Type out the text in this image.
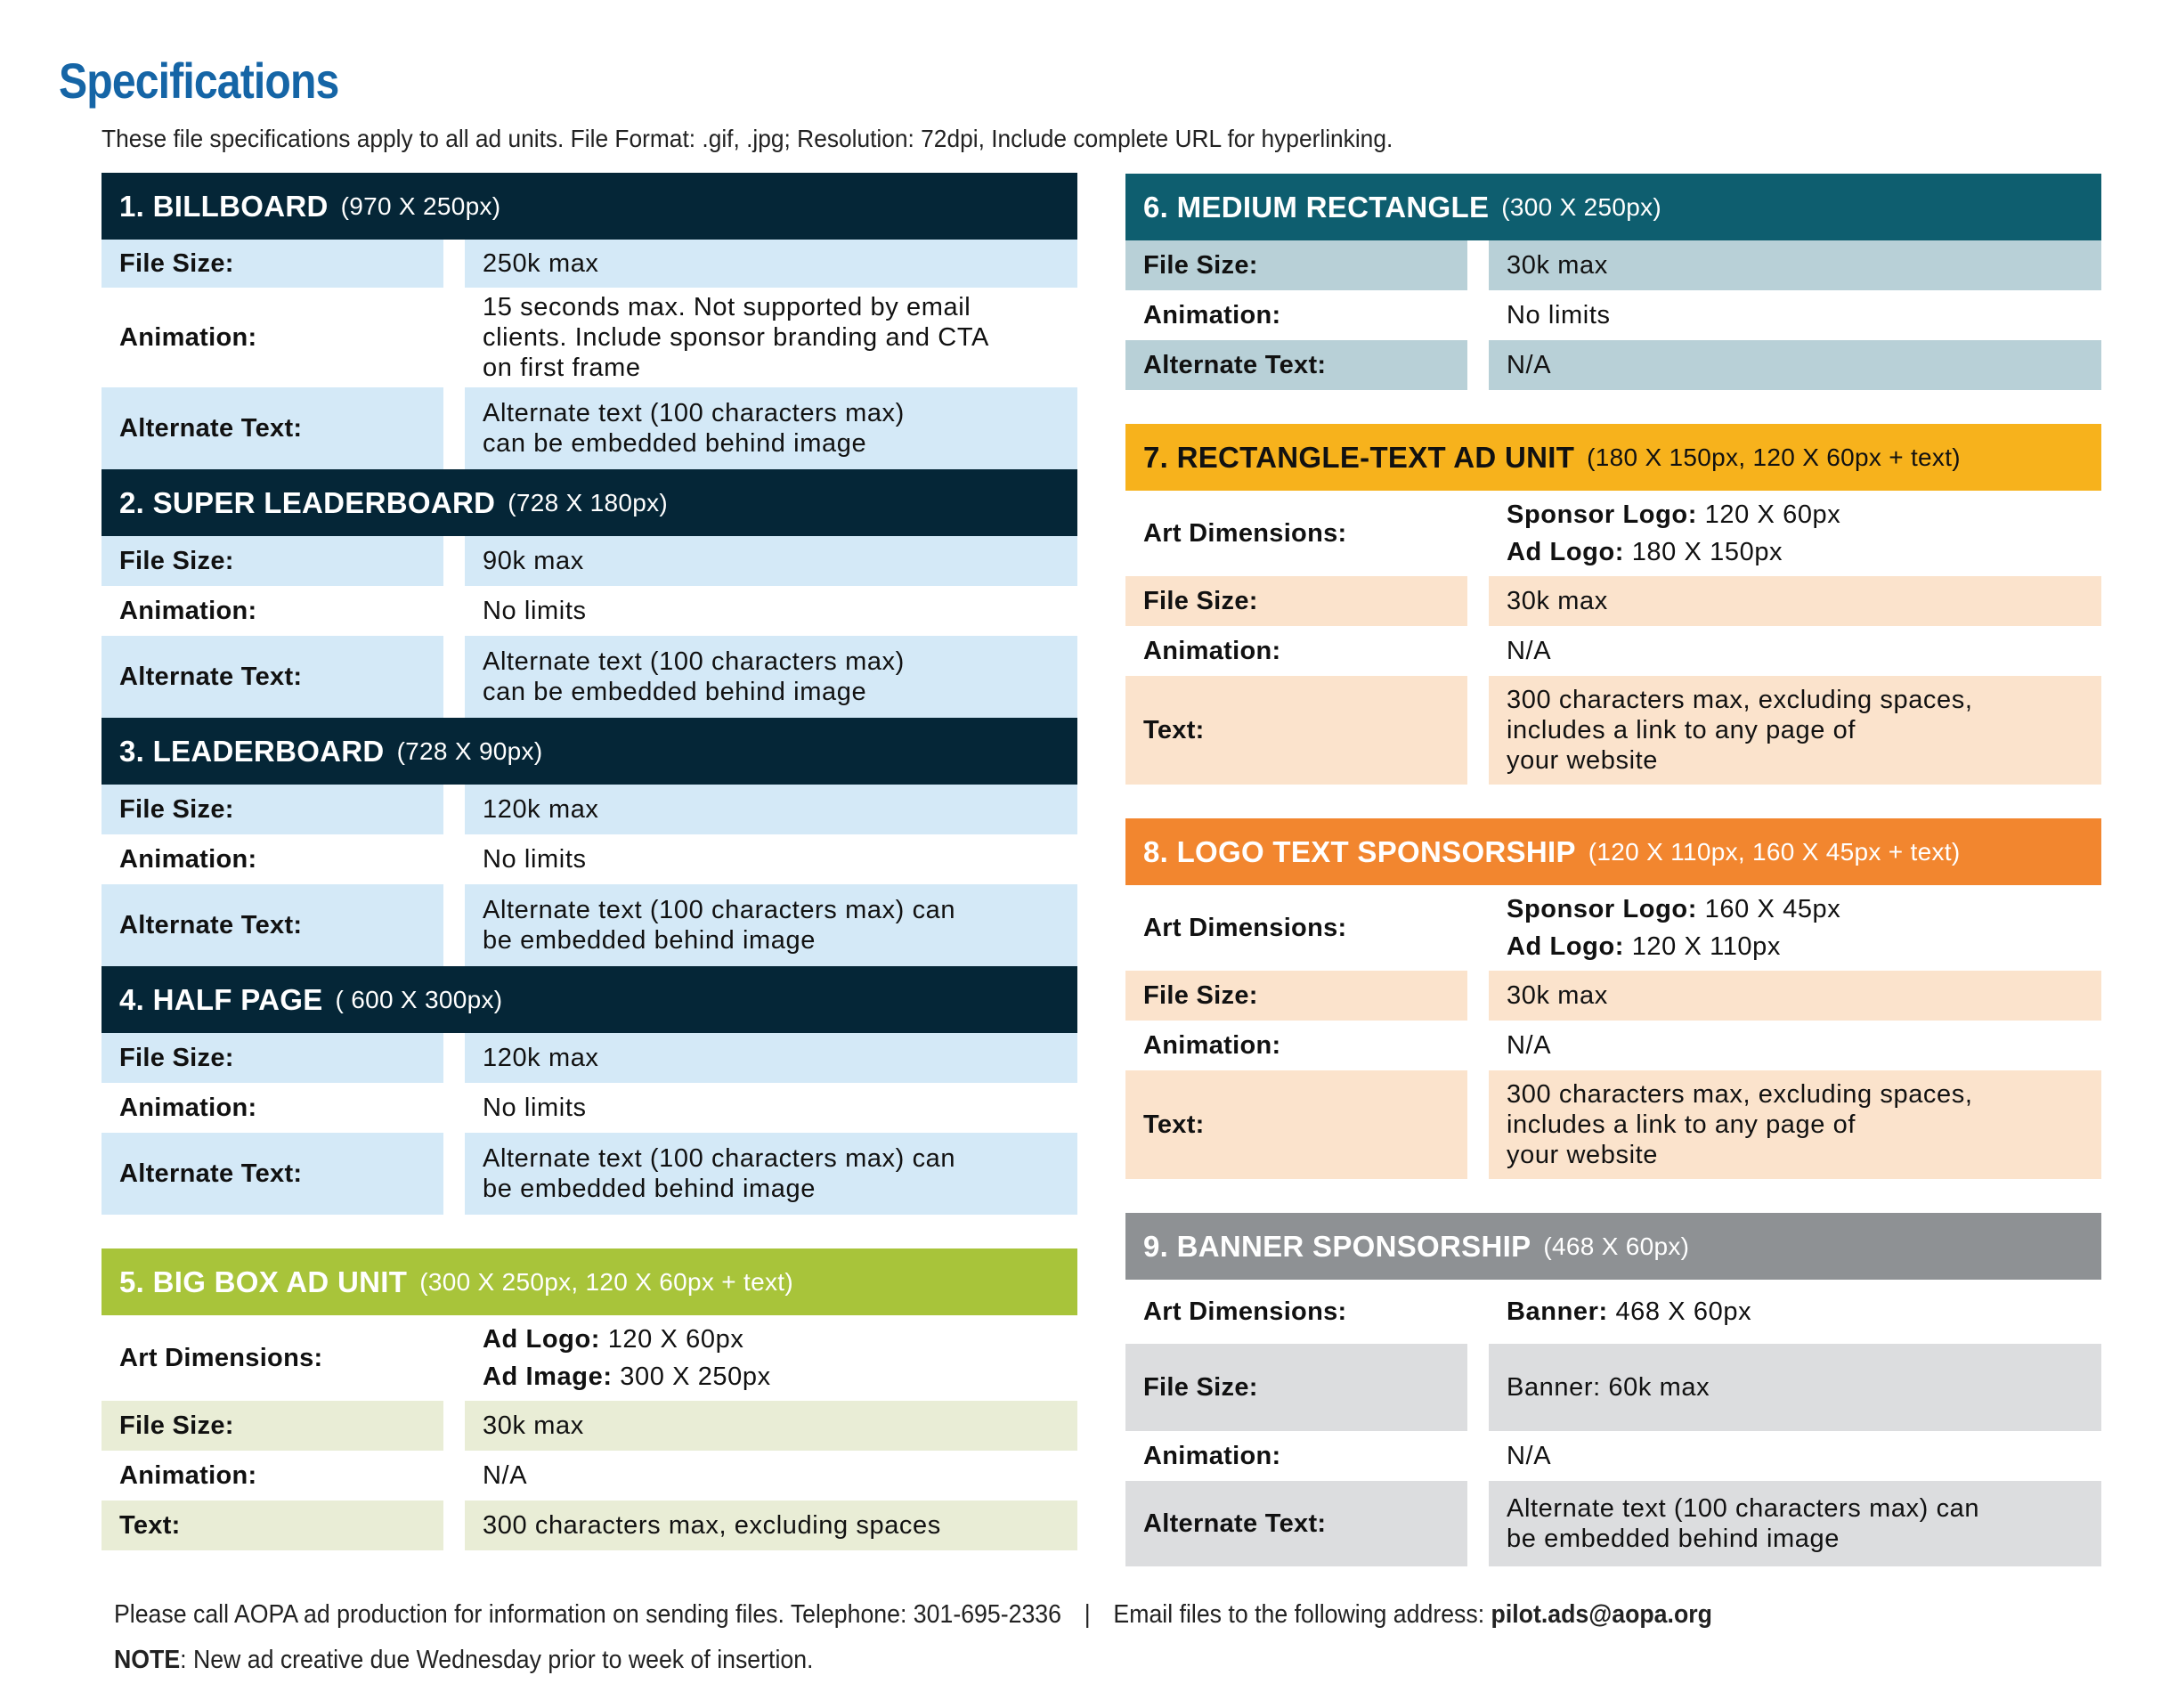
Specifications
These file specifications apply to all ad units. File Format: .gif, .jpg; Resolution: 72dpi, Include complete URL for hyperlinking.
1. BILLBOARD (970 X 250px)
File Size:	250k max
Animation:
15 seconds max. Not supported by email
clients. Include sponsor branding and CTA
on first frame
Alternate Text:
Alternate text (100 characters max)
can be embedded behind image
2. SUPER LEADERBOARD (728 X 180px)
File Size:	90k max
Animation:	No limits
Alternate Text:
Alternate text (100 characters max)
can be embedded behind image
3. LEADERBOARD (728 X 90px)
File Size:	120k max
Animation:	No limits
Alternate Text:
Alternate text (100 characters max) can
be embedded behind image
4. HALF PAGE ( 600 X 300px)
File Size:	120k max
Animation:	No limits
Alternate Text:
Alternate text (100 characters max) can
be embedded behind image
5. BIG BOX AD UNIT (300 X 250px, 120 X 60px + text)
Art Dimensions:
Ad Logo: 120 X 60px
Ad Image: 300 X 250px
File Size:	30k max
Animation:	N/A
Text:	300 characters max, excluding spaces
6. MEDIUM RECTANGLE (300 X 250px)
File Size:	30k max
Animation:	No limits
Alternate Text:	N/A
7. RECTANGLE-TEXT AD UNIT (180 X 150px, 120 X 60px + text)
Art Dimensions:
Sponsor Logo: 120 X 60px
Ad Logo: 180 X 150px
File Size:	30k max
Animation:	N/A
Text:
300 characters max, excluding spaces,
includes a link to any page of
your website
8. LOGO TEXT SPONSORSHIP (120 X 110px, 160 X 45px + text)
Art Dimensions:
Sponsor Logo: 160 X 45px
Ad Logo: 120 X 110px
File Size:	30k max
Animation:	N/A
Text:
300 characters max, excluding spaces,
includes a link to any page of
your website
9. BANNER SPONSORSHIP (468 X 60px)
Art Dimensions:	Banner: 468 X 60px
File Size:	Banner: 60k max
Animation:	N/A
Alternate Text:
Alternate text (100 characters max) can
be embedded behind image
Please call AOPA ad production for information on sending files. Telephone: 301-695-2336 | Email files to the following address: pilot.ads@aopa.org
NOTE: New ad creative due Wednesday prior to week of insertion.
